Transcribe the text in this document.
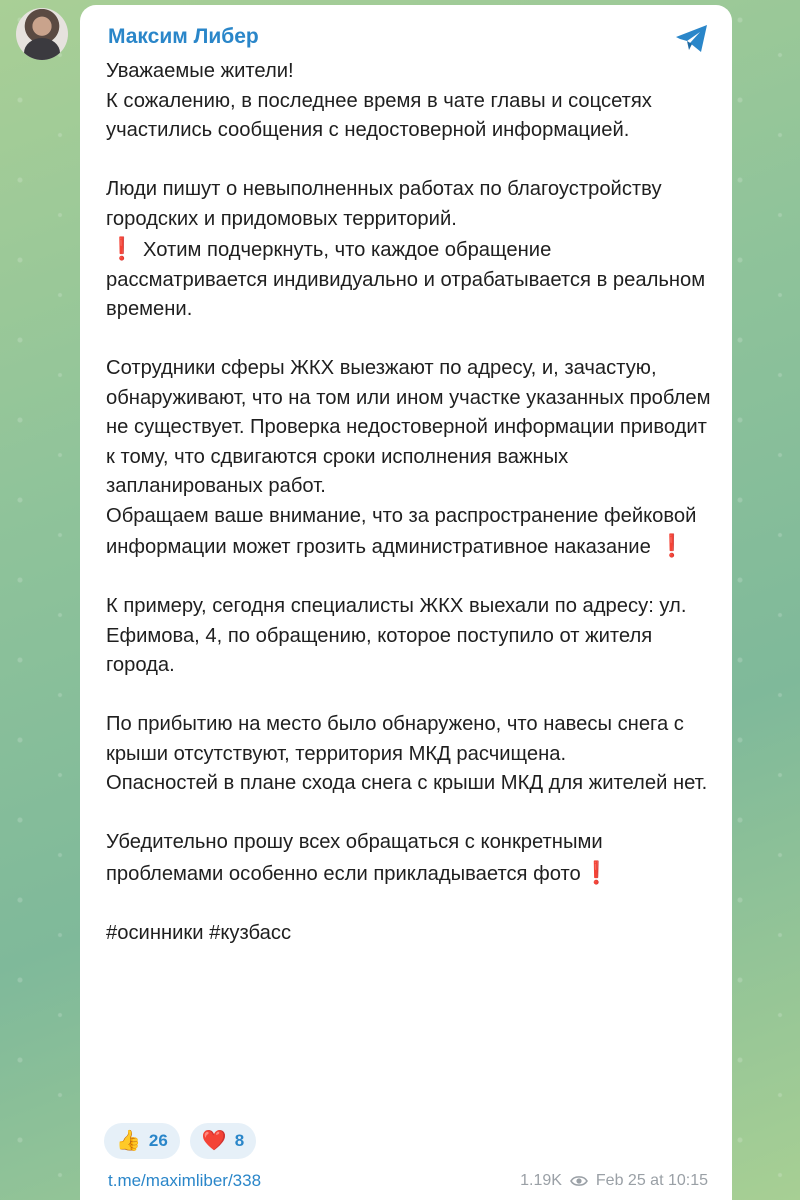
Максим Либер

Уважаемые жители!
К сожалению, в последнее время в чате главы и соцсетях участились сообщения с недостоверной информацией.

Люди пишут о невыполненных работах по благоустройству городских и придомовых территорий.

❗ Хотим подчеркнуть, что каждое обращение рассматривается индивидуально и отрабатывается в реальном времени.

Сотрудники сферы ЖКХ выезжают по адресу, и, зачастую, обнаруживают, что на том или ином участке указанных проблем не существует. Проверка недостоверной информации приводит к тому, что сдвигаются сроки исполнения важных запланированых работ.
Обращаем ваше внимание, что за распространение фейковой информации может грозить административное наказание ❗

К примеру, сегодня специалисты ЖКХ выехали по адресу: ул. Ефимова, 4, по обращению, которое поступило от жителя города.

По прибытию на место было обнаружено, что навесы снега с крыши отсутствуют, территория МКД расчищена.
Опасностей в плане схода снега с крыши МКД для жителей нет.

Убедительно прошу всех обращаться с конкретными проблемами особенно если прикладывается фото❗

#осинники #кузбасс

👍 26 ❤️ 8
t.me/maximliber/338	1.19K Feb 25 at 10:15
